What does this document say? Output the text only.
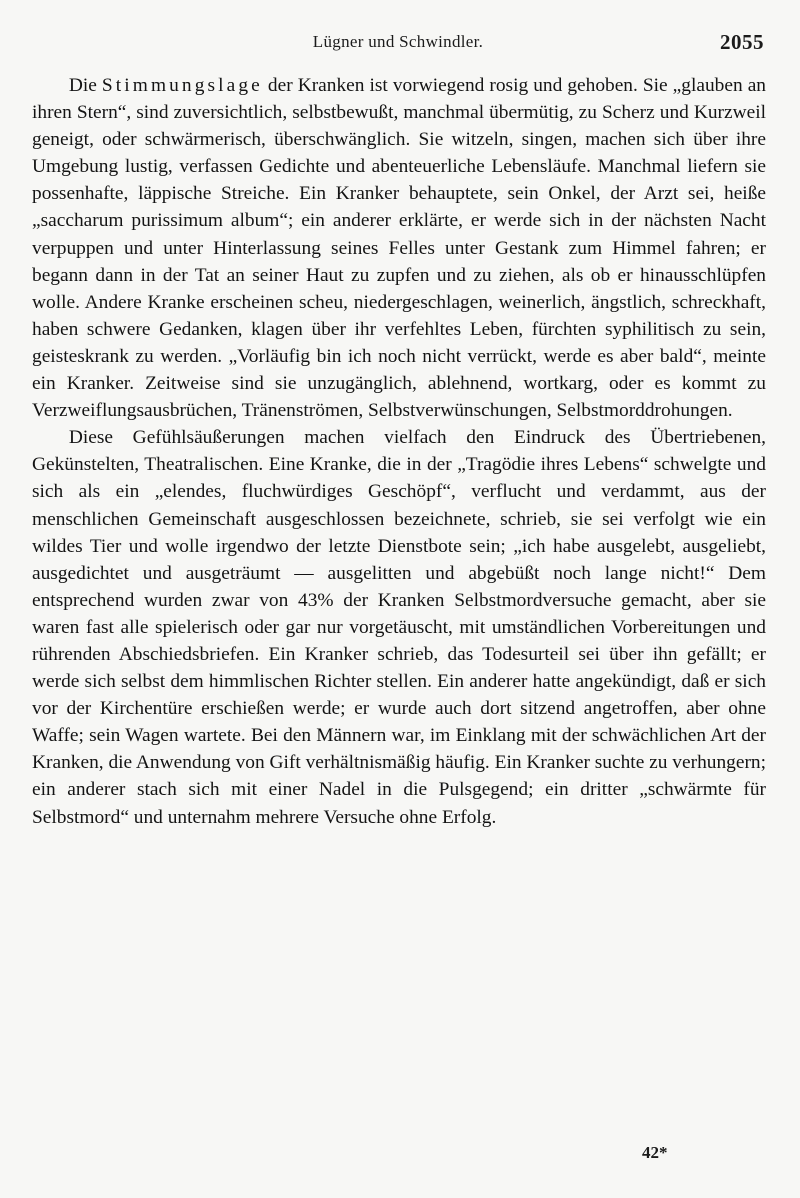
Lügner und Schwindler.	2055

Die Stimmungslage der Kranken ist vorwiegend rosig und gehoben. Sie „glauben an ihren Stern“, sind zuversichtlich, selbstbewußt, manchmal übermütig, zu Scherz und Kurzweil geneigt, oder schwärmerisch, überschwänglich. Sie witzeln, singen, machen sich über ihre Umgebung lustig, verfassen Gedichte und abenteuerliche Lebensläufe. Manchmal liefern sie possenhafte, läppische Streiche. Ein Kranker behauptete, sein Onkel, der Arzt sei, heiße „saccharum purissimum album“; ein anderer erklärte, er werde sich in der nächsten Nacht verpuppen und unter Hinterlassung seines Felles unter Gestank zum Himmel fahren; er begann dann in der Tat an seiner Haut zu zupfen und zu ziehen, als ob er hinausschlüpfen wolle. Andere Kranke erscheinen scheu, niedergeschlagen, weinerlich, ängstlich, schreckhaft, haben schwere Gedanken, klagen über ihr verfehltes Leben, fürchten syphilitisch zu sein, geisteskrank zu werden. „Vorläufig bin ich noch nicht verrückt, werde es aber bald“, meinte ein Kranker. Zeitweise sind sie unzugänglich, ablehnend, wortkarg, oder es kommt zu Verzweiflungsausbrüchen, Tränenströmen, Selbstverwünschungen, Selbstmorddrohungen.

Diese Gefühlsäußerungen machen vielfach den Eindruck des Übertriebenen, Gekünstelten, Theatralischen. Eine Kranke, die in der „Tragödie ihres Lebens“ schwelgte und sich als ein „elendes, fluchwürdiges Geschöpf“, verflucht und verdammt, aus der menschlichen Gemeinschaft ausgeschlossen bezeichnete, schrieb, sie sei verfolgt wie ein wildes Tier und wolle irgendwo der letzte Dienstbote sein; „ich habe ausgelebt, ausgeliebt, ausgedichtet und ausgeträumt — ausgelitten und abgebüßt noch lange nicht!“ Dem entsprechend wurden zwar von 43% der Kranken Selbstmordversuche gemacht, aber sie waren fast alle spielerisch oder gar nur vorgetäuscht, mit umständlichen Vorbereitungen und rührenden Abschiedsbriefen. Ein Kranker schrieb, das Todesurteil sei über ihn gefällt; er werde sich selbst dem himmlischen Richter stellen. Ein anderer hatte angekündigt, daß er sich vor der Kirchentüre erschießen werde; er wurde auch dort sitzend angetroffen, aber ohne Waffe; sein Wagen wartete. Bei den Männern war, im Einklang mit der schwächlichen Art der Kranken, die Anwendung von Gift verhältnismäßig häufig. Ein Kranker suchte zu verhungern; ein anderer stach sich mit einer Nadel in die Pulsgegend; ein dritter „schwärmte für Selbstmord“ und unternahm mehrere Versuche ohne Erfolg.

42*
